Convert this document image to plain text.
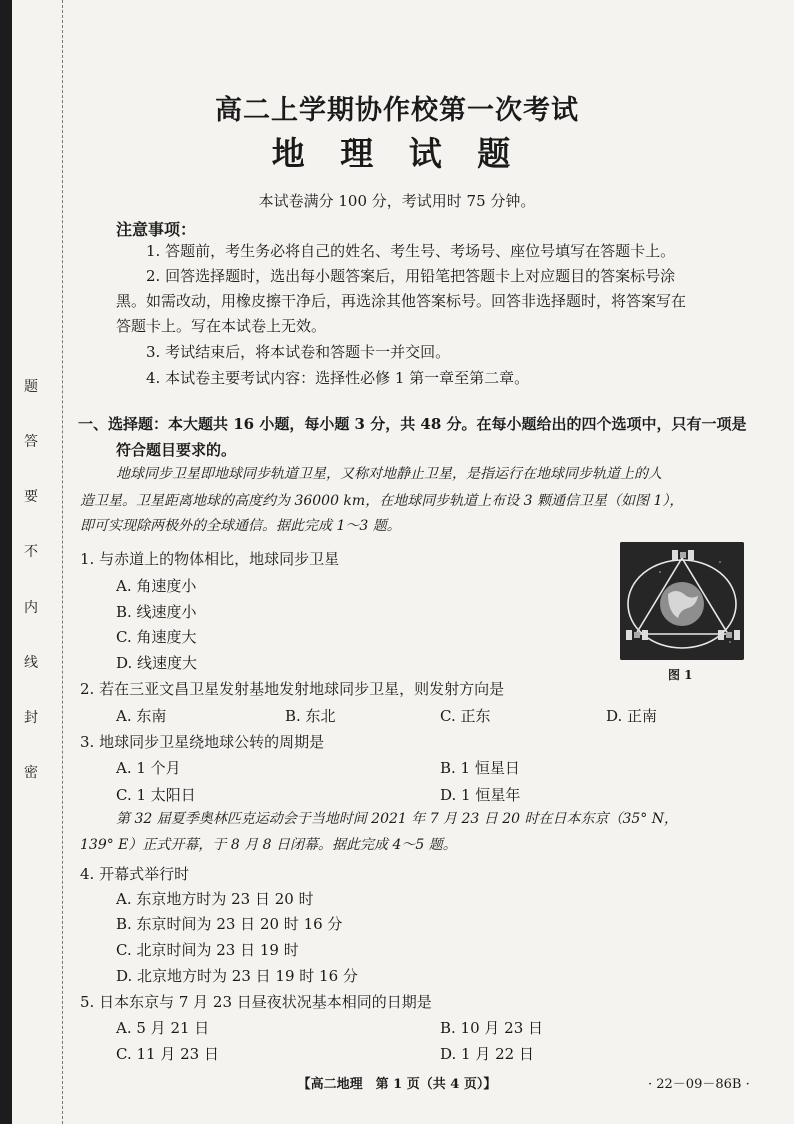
题
答
要
不
内
线
封
密
高二上学期协作校第一次考试
地 理 试 题
本试卷满分 100 分，考试用时 75 分钟。
注意事项：
1. 答题前，考生务必将自己的姓名、考生号、考场号、座位号填写在答题卡上。
2. 回答选择题时，选出每小题答案后，用铅笔把答题卡上对应题目的答案标号涂
黑。如需改动，用橡皮擦干净后，再选涂其他答案标号。回答非选择题时，将答案写在
答题卡上。写在本试卷上无效。
3. 考试结束后，将本试卷和答题卡一并交回。
4. 本试卷主要考试内容：选择性必修 1 第一章至第二章。
一、选择题：本大题共 16 小题，每小题 3 分，共 48 分。在每小题给出的四个选项中，只有一项是
符合题目要求的。
地球同步卫星即地球同步轨道卫星，又称对地静止卫星，是指运行在地球同步轨道上的人
造卫星。卫星距离地球的高度约为 36000 km，在地球同步轨道上布设 3 颗通信卫星（如图 1），
即可实现除两极外的全球通信。据此完成 1～3 题。
1. 与赤道上的物体相比，地球同步卫星
A. 角速度小
B. 线速度小
C. 角速度大
D. 线速度大
图 1
2. 若在三亚文昌卫星发射基地发射地球同步卫星，则发射方向是
A. 东南	B. 东北	C. 正东	D. 正南
3. 地球同步卫星绕地球公转的周期是
A. 1 个月	B. 1 恒星日
C. 1 太阳日	D. 1 恒星年
第 32 届夏季奥林匹克运动会于当地时间 2021 年 7 月 23 日 20 时在日本东京（35° N，
139° E）正式开幕，于 8 月 8 日闭幕。据此完成 4～5 题。
4. 开幕式举行时
A. 东京地方时为 23 日 20 时
B. 东京时间为 23 日 20 时 16 分
C. 北京时间为 23 日 19 时
D. 北京地方时为 23 日 19 时 16 分
5. 日本东京与 7 月 23 日昼夜状况基本相同的日期是
A. 5 月 21 日	B. 10 月 23 日
C. 11 月 23 日	D. 1 月 22 日
【高二地理　第 1 页（共 4 页）】	· 22－09－86B ·
